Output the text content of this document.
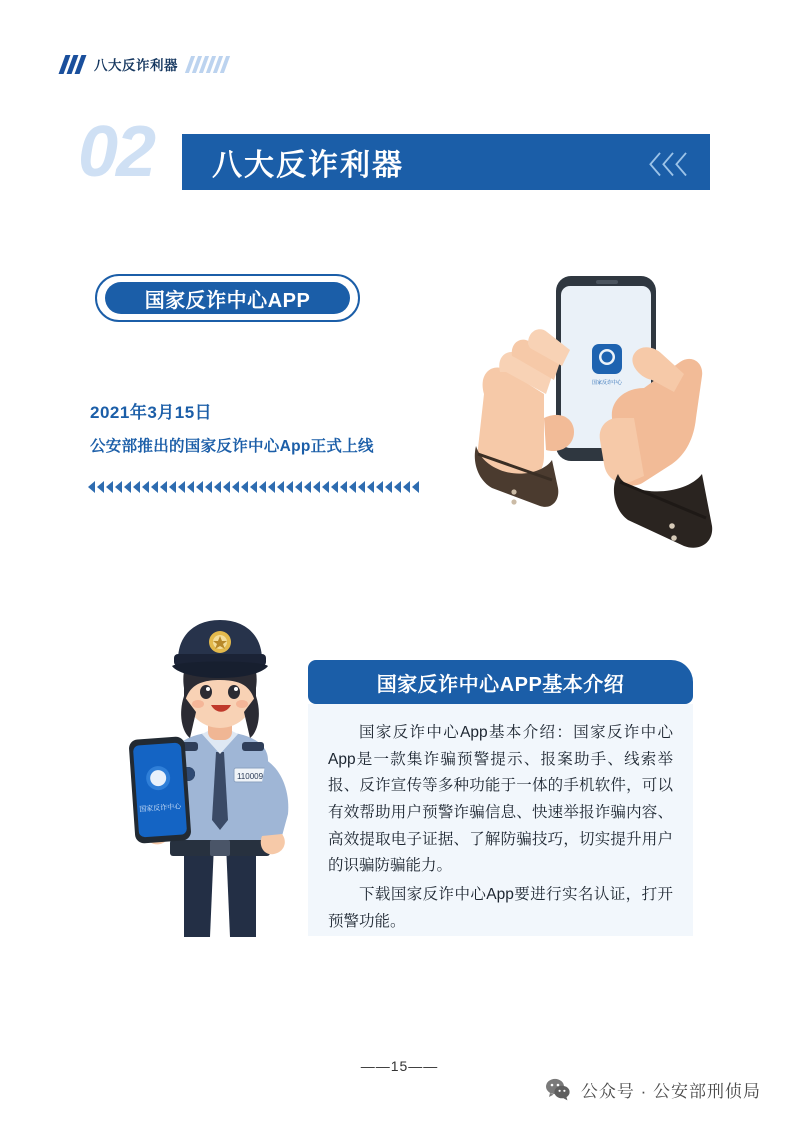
八大反诈利器
02 八大反诈利器	〈〈〈
国家反诈中心APP
2021年3月15日
公安部推出的国家反诈中心App正式上线
国家反诈中心
110009
国家反诈中心
国家反诈中心APP基本介绍

国家反诈中心App基本介绍：国家反诈中心App是一款集诈骗预警提示、报案助手、线索举报、反诈宣传等多种功能于一体的手机软件，可以有效帮助用户预警诈骗信息、快速举报诈骗内容、高效提取电子证据、了解防骗技巧，切实提升用户的识骗防骗能力。

下载国家反诈中心App要进行实名认证，打开预警功能。

——15——
公众号 · 公安部刑侦局
